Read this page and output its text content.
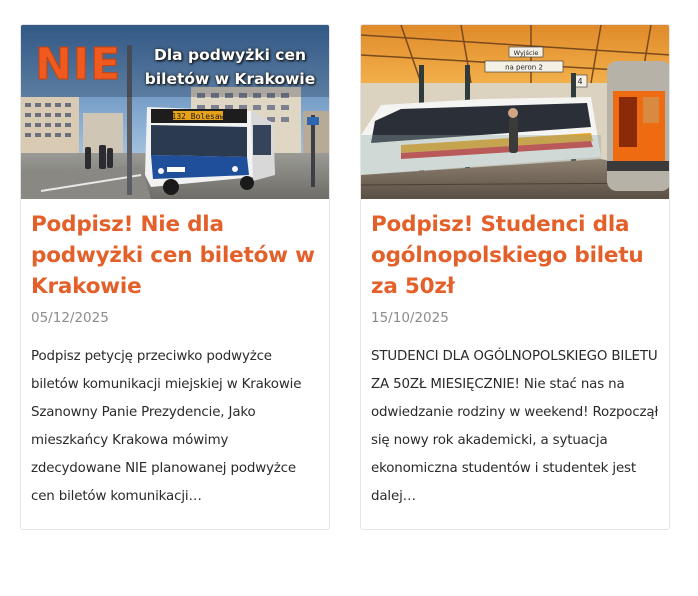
132 Bolesaw
NIE	Dla podwyżki cen biletów w Krakowie
Podpisz! Nie dla podwyżki cen biletów w Krakowie
05/12/2025
Podpisz petycję przeciwko podwyżce biletów komunikacji miejskiej w Krakowie Szanowny Panie Prezydencie, Jako mieszkańcy Krakowa mówimy zdecydowane NIE planowanej podwyżce cen biletów komunikacji…
Wyjście
na peron 2
4
Podpisz! Studenci dla ogólnopolskiego biletu za 50zł
15/10/2025
STUDENCI DLA OGÓLNOPOLSKIEGO BILETU ZA 50ZŁ MIESIĘCZNIE! Nie stać nas na odwiedzanie rodziny w weekend! Rozpoczął się nowy rok akademicki, a sytuacja ekonomiczna studentów i studentek jest dalej…
